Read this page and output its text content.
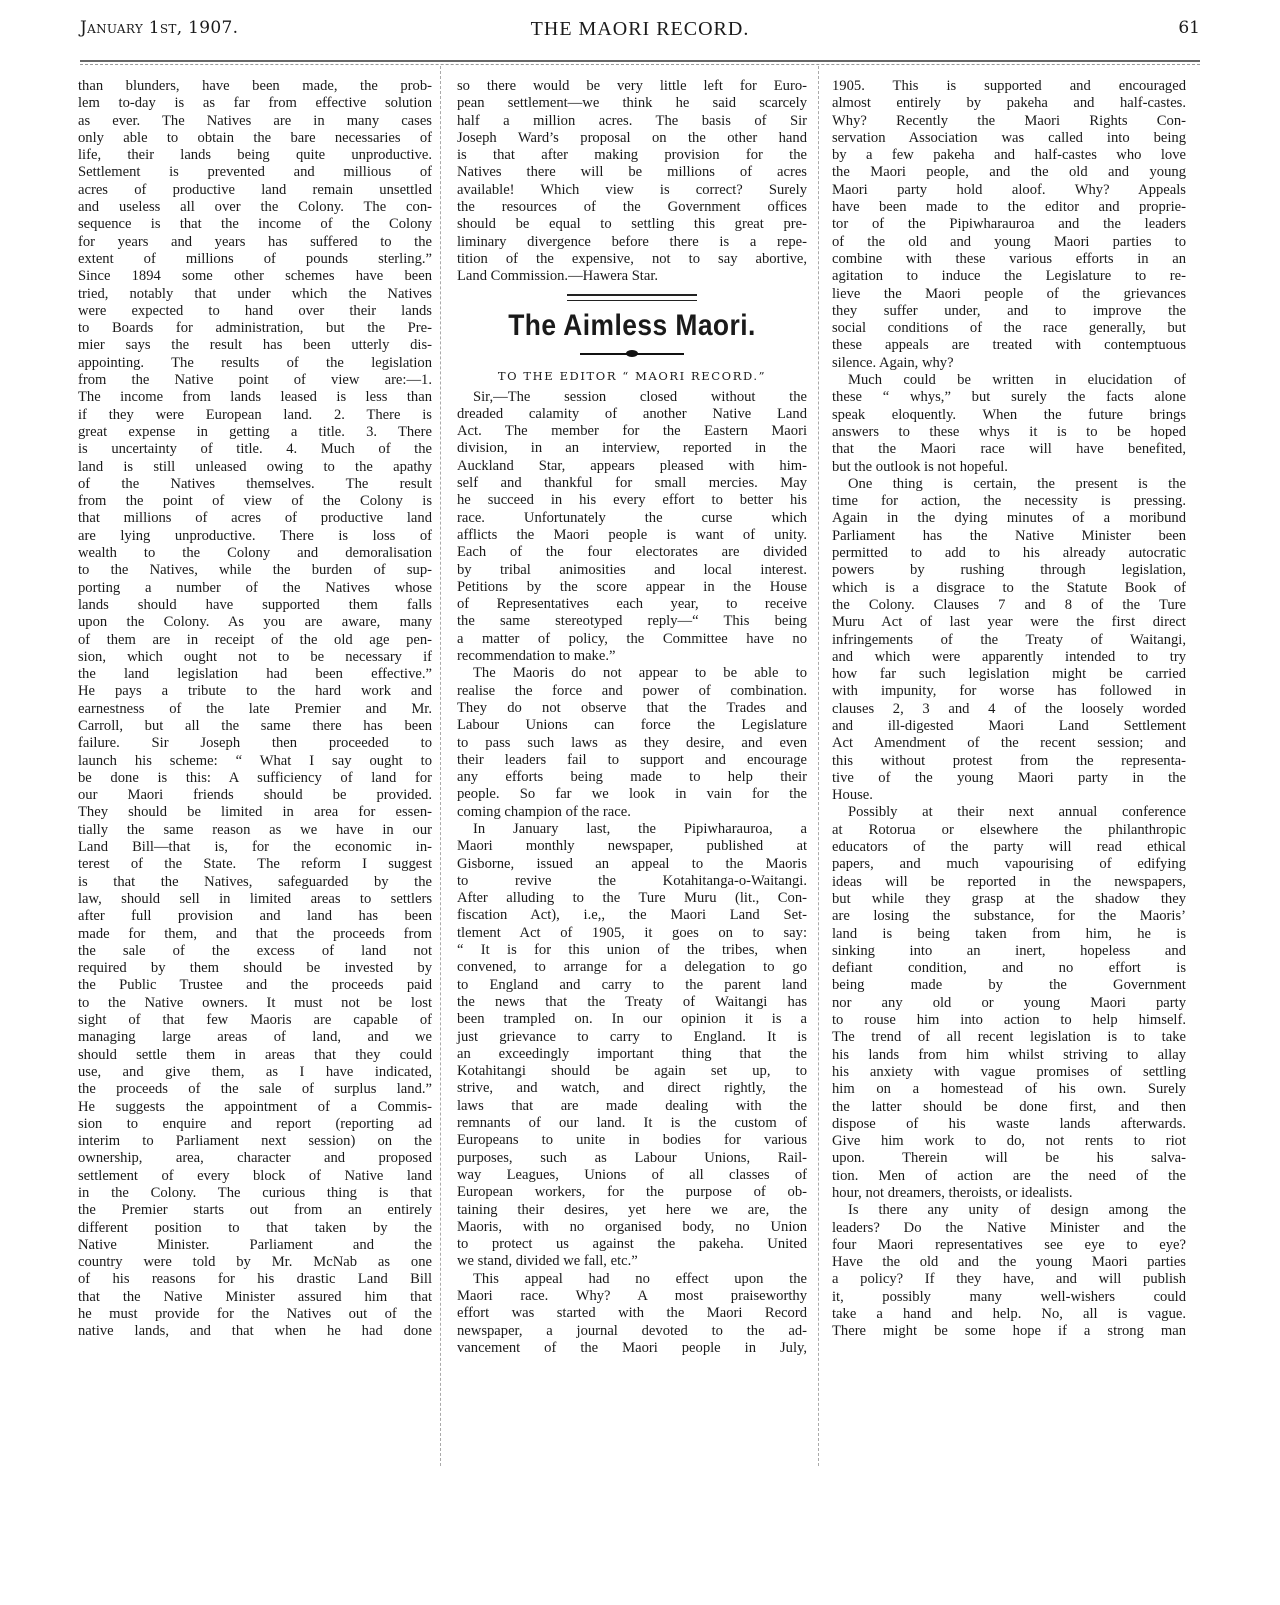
January 1st, 1907.	THE MAORI RECORD.	61
than blunders, have been made, the prob-
lem to-day is as far from effective solution
as ever. The Natives are in many cases
only able to obtain the bare necessaries of
life, their lands being quite unproductive.
Settlement is prevented and millious of
acres of productive land remain unsettled
and useless all over the Colony. The con-
sequence is that the income of the Colony
for years and years has suffered to the
extent of millions of pounds sterling.”
Since 1894 some other schemes have been
tried, notably that under which the Natives
were expected to hand over their lands
to Boards for administration, but the Pre-
mier says the result has been utterly dis-
appointing. The results of the legislation
from the Native point of view are:—1.
The income from lands leased is less than
if they were European land. 2. There is
great expense in getting a title. 3. There
is uncertainty of title. 4. Much of the
land is still unleased owing to the apathy
of the Natives themselves. The result
from the point of view of the Colony is
that millions of acres of productive land
are lying unproductive. There is loss of
wealth to the Colony and demoralisation
to the Natives, while the burden of sup-
porting a number of the Natives whose
lands should have supported them falls
upon the Colony. As you are aware, many
of them are in receipt of the old age pen-
sion, which ought not to be necessary if
the land legislation had been effective.”
He pays a tribute to the hard work and
earnestness of the late Premier and Mr.
Carroll, but all the same there has been
failure. Sir Joseph then proceeded to
launch his scheme: “ What I say ought to
be done is this: A sufficiency of land for
our Maori friends should be provided.
They should be limited in area for essen-
tially the same reason as we have in our
Land Bill—that is, for the economic in-
terest of the State. The reform I suggest
is that the Natives, safeguarded by the
law, should sell in limited areas to settlers
after full provision and land has been
made for them, and that the proceeds from
the sale of the excess of land not
required by them should be invested by
the Public Trustee and the proceeds paid
to the Native owners. It must not be lost
sight of that few Maoris are capable of
managing large areas of land, and we
should settle them in areas that they could
use, and give them, as I have indicated,
the proceeds of the sale of surplus land.”
He suggests the appointment of a Commis-
sion to enquire and report (reporting ad
interim to Parliament next session) on the
ownership, area, character and proposed
settlement of every block of Native land
in the Colony. The curious thing is that
the Premier starts out from an entirely
different position to that taken by the
Native Minister. Parliament and the
country were told by Mr. McNab as one
of his reasons for his drastic Land Bill
that the Native Minister assured him that
he must provide for the Natives out of the
native lands, and that when he had done
so there would be very little left for Euro-
pean settlement—we think he said scarcely
half a million acres. The basis of Sir
Joseph Ward’s proposal on the other hand
is that after making provision for the
Natives there will be millions of acres
available! Which view is correct? Surely
the resources of the Government offices
should be equal to settling this great pre-
liminary divergence before there is a repe-
tition of the expensive, not to say abortive,
Land Commission.—Hawera Star.
The Aimless Maori.
TO THE EDITOR “ MAORI RECORD.”
Sir,—The session closed without the
dreaded calamity of another Native Land
Act. The member for the Eastern Maori
division, in an interview, reported in the
Auckland Star, appears pleased with him-
self and thankful for small mercies. May
he succeed in his every effort to better his
race. Unfortunately the curse which
afflicts the Maori people is want of unity.
Each of the four electorates are divided
by tribal animosities and local interest.
Petitions by the score appear in the House
of Representatives each year, to receive
the same stereotyped reply—“ This being
a matter of policy, the Committee have no
recommendation to make.”
The Maoris do not appear to be able to
realise the force and power of combination.
They do not observe that the Trades and
Labour Unions can force the Legislature
to pass such laws as they desire, and even
their leaders fail to support and encourage
any efforts being made to help their
people. So far we look in vain for the
coming champion of the race.
In January last, the Pipiwharauroa, a
Maori monthly newspaper, published at
Gisborne, issued an appeal to the Maoris
to revive the Kotahitanga-o-Waitangi.
After alluding to the Ture Muru (lit., Con-
fiscation Act), i.e,, the Maori Land Set-
tlement Act of 1905, it goes on to say:
“ It is for this union of the tribes, when
convened, to arrange for a delegation to go
to England and carry to the parent land
the news that the Treaty of Waitangi has
been trampled on. In our opinion it is a
just grievance to carry to England. It is
an exceedingly important thing that the
Kotahitangi should be again set up, to
strive, and watch, and direct rightly, the
laws that are made dealing with the
remnants of our land. It is the custom of
Europeans to unite in bodies for various
purposes, such as Labour Unions, Rail-
way Leagues, Unions of all classes of
European workers, for the purpose of ob-
taining their desires, yet here we are, the
Maoris, with no organised body, no Union
to protect us against the pakeha. United
we stand, divided we fall, etc.”
This appeal had no effect upon the
Maori race. Why? A most praiseworthy
effort was started with the Maori Record
newspaper, a journal devoted to the ad-
vancement of the Maori people in July,
1905. This is supported and encouraged
almost entirely by pakeha and half-castes.
Why? Recently the Maori Rights Con-
servation Association was called into being
by a few pakeha and half-castes who love
the Maori people, and the old and young
Maori party hold aloof. Why? Appeals
have been made to the editor and proprie-
tor of the Pipiwharauroa and the leaders
of the old and young Maori parties to
combine with these various efforts in an
agitation to induce the Legislature to re-
lieve the Maori people of the grievances
they suffer under, and to improve the
social conditions of the race generally, but
these appeals are treated with contemptuous
silence. Again, why?
Much could be written in elucidation of
these “ whys,” but surely the facts alone
speak eloquently. When the future brings
answers to these whys it is to be hoped
that the Maori race will have benefited,
but the outlook is not hopeful.
One thing is certain, the present is the
time for action, the necessity is pressing.
Again in the dying minutes of a moribund
Parliament has the Native Minister been
permitted to add to his already autocratic
powers by rushing through legislation,
which is a disgrace to the Statute Book of
the Colony. Clauses 7 and 8 of the Ture
Muru Act of last year were the first direct
infringements of the Treaty of Waitangi,
and which were apparently intended to try
how far such legislation might be carried
with impunity, for worse has followed in
clauses 2, 3 and 4 of the loosely worded
and ill-digested Maori Land Settlement
Act Amendment of the recent session; and
this without protest from the representa-
tive of the young Maori party in the
House.
Possibly at their next annual conference
at Rotorua or elsewhere the philanthropic
educators of the party will read ethical
papers, and much vapourising of edifying
ideas will be reported in the newspapers,
but while they grasp at the shadow they
are losing the substance, for the Maoris’
land is being taken from him, he is
sinking into an inert, hopeless and
defiant condition, and no effort is
being made by the Government
nor any old or young Maori party
to rouse him into action to help himself.
The trend of all recent legislation is to take
his lands from him whilst striving to allay
his anxiety with vague promises of settling
him on a homestead of his own. Surely
the latter should be done first, and then
dispose of his waste lands afterwards.
Give him work to do, not rents to riot
upon. Therein will be his salva-
tion. Men of action are the need of the
hour, not dreamers, theroists, or idealists.
Is there any unity of design among the
leaders? Do the Native Minister and the
four Maori representatives see eye to eye?
Have the old and the young Maori parties
a policy? If they have, and will publish
it, possibly many well-wishers could
take a hand and help. No, all is vague.
There might be some hope if a strong man
